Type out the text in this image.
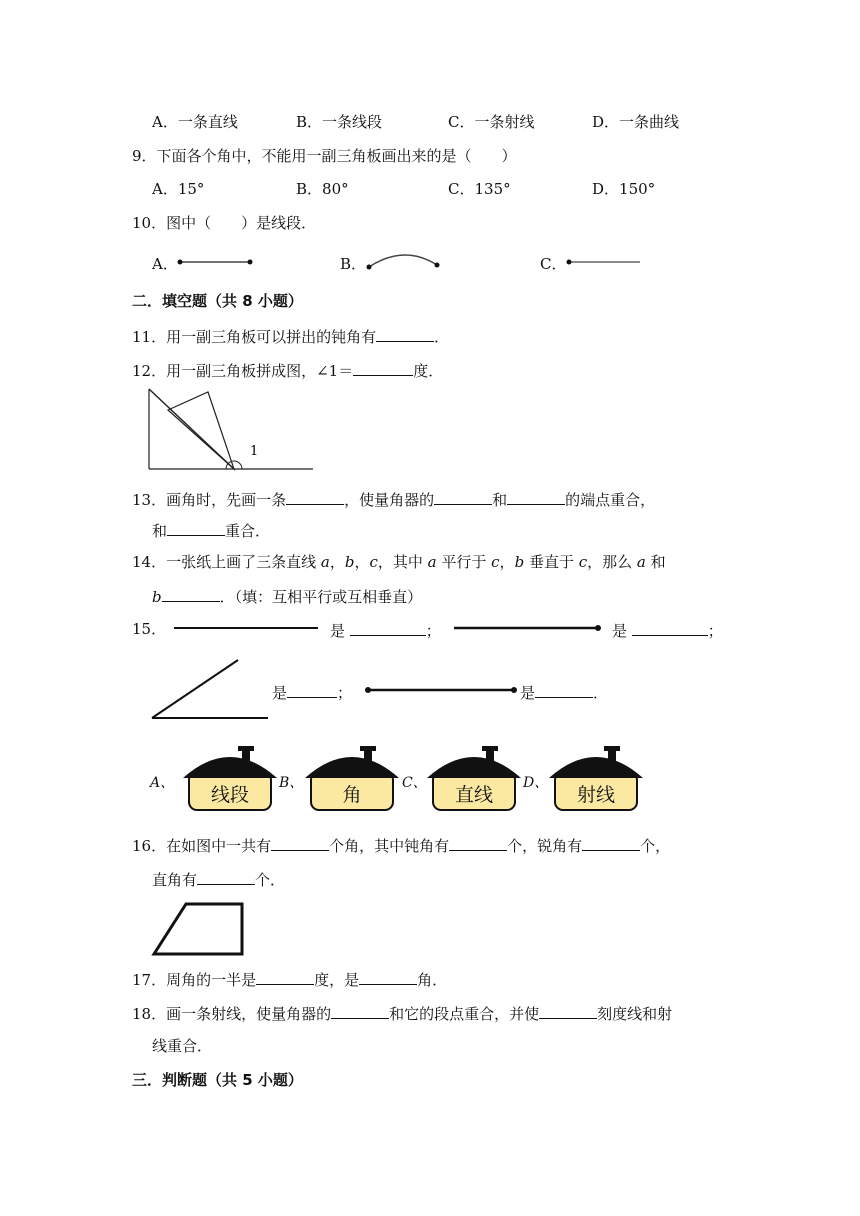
A．一条直线	B．一条线段	C．一条射线	D．一条曲线
9．下面各个角中，不能用一副三角板画出来的是（　　）
A．15°	B．80°	C．135°	D．150°
10．图中（　　）是线段．
A．	B．	C．
二．填空题（共 8 小题）
11．用一副三角板可以拼出的钝角有	．
12．用一副三角板拼成图，∠1＝	度．
1
13．画角时，先画一条	，使量角器的	和	的端点重合，
和	重合．
14．一张纸上画了三条直线 a，b，c，其中 a 平行于 c，b 垂直于 c，那么 a 和
b	．（填：互相平行或互相垂直）
15．	是	；	是	；
是	；	是	．
A、	B、	C、	D、
线段	角	直线	射线
16．在如图中一共有	个角，其中钝角有	个，锐角有	个，
直角有	个．
17．周角的一半是	度，是	角．
18．画一条射线，使量角器的	和它的段点重合，并使	刻度线和射
线重合．
三．判断题（共 5 小题）
